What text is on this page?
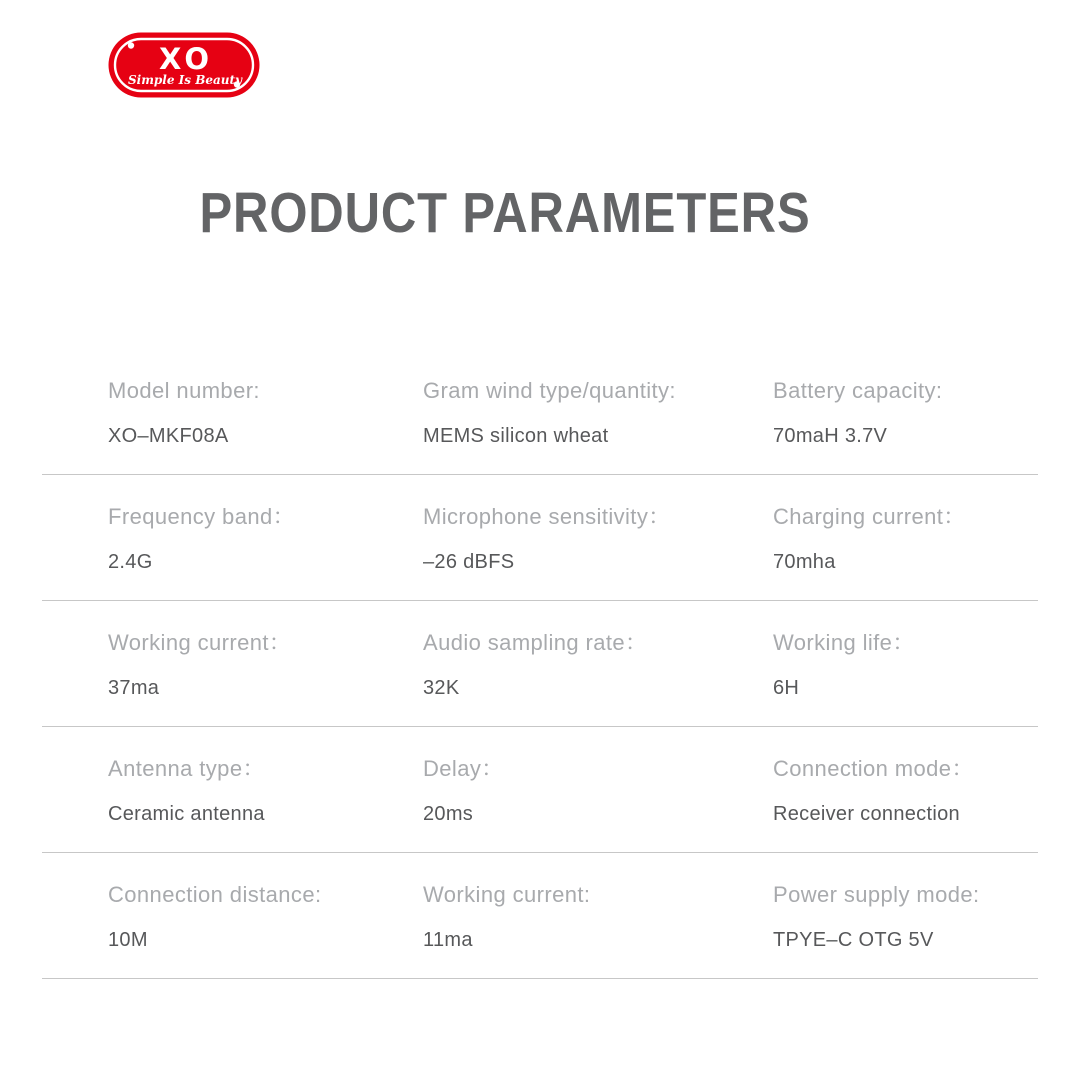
XO
Simple Is Beauty
PRODUCT PARAMETERS
Model number:
XO–MKF08A
Gram wind type/quantity:
MEMS silicon wheat
Battery capacity:
70maH 3.7V
Frequency band：
2.4G
Microphone sensitivity：
–26 dBFS
Charging current：
70mha
Working current：
37ma
Audio sampling rate：
32K
Working life：
6H
Antenna type：
Ceramic antenna
Delay：
20ms
Connection mode：
Receiver connection
Connection distance:
10M
Working current:
11ma
Power supply mode:
TPYE–C OTG 5V
